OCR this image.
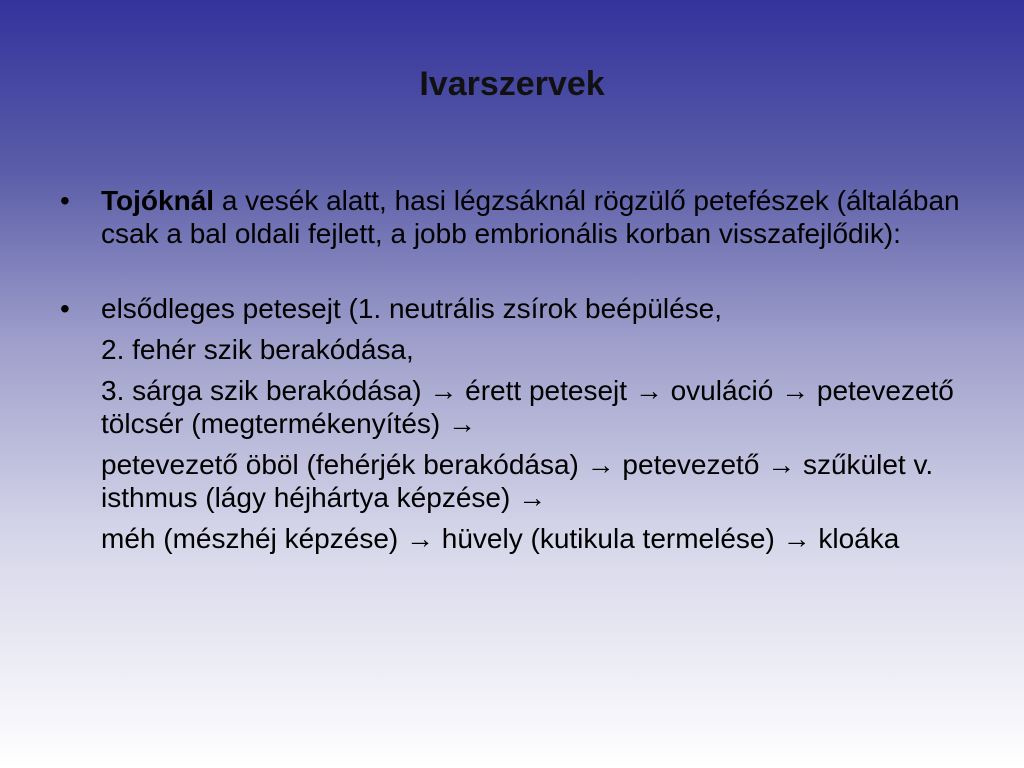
Ivarszervek
• Tojóknál a vesék alatt, hasi légzsáknál rögzülő petefészek (általában csak a bal oldali fejlett, a jobb embrionális korban visszafejlődik):
• elsődleges petesejt (1. neutrális zsírok beépülése,
2. fehér szik berakódása,
3. sárga szik berakódása) → érett petesejt → ovuláció → petevezető tölcsér (megtermékenyítés) →
petevezető öböl (fehérjék berakódása) → petevezető → szűkület v. isthmus (lágy héjhártya képzése) →
méh (mészhéj képzése) → hüvely (kutikula termelése) → kloáka
